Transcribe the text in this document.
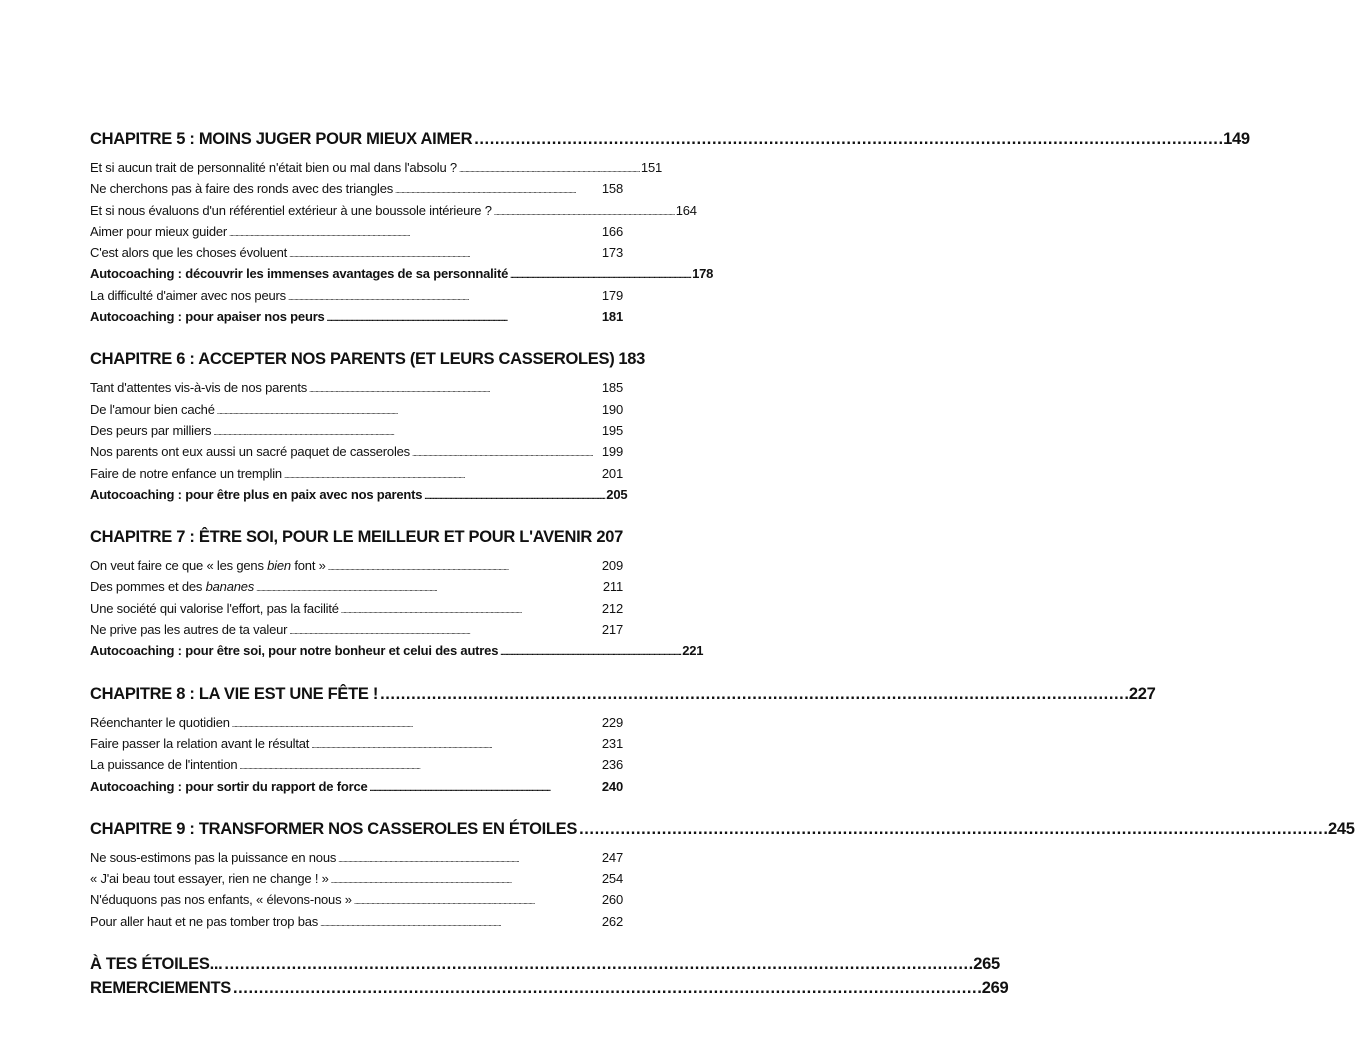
CHAPITRE 5 : MOINS JUGER POUR MIEUX AIMER . . .	149
Et si aucun trait de personnalité n'était bien ou mal dans l'absolu ? . . .	151
Ne cherchons pas à faire des ronds avec des triangles . . .	158
Et si nous évaluons d'un référentiel extérieur à une boussole intérieure ? . . .	164
Aimer pour mieux guider . . .	166
C'est alors que les choses évoluent . . .	173
Autocoaching : découvrir les immenses avantages de sa personnalité . . .	178
La difficulté d'aimer avec nos peurs . . .	179
Autocoaching : pour apaiser nos peurs . . .	181
CHAPITRE 6 : ACCEPTER NOS PARENTS (ET LEURS CASSEROLES) 183
Tant d'attentes vis-à-vis de nos parents . . .	185
De l'amour bien caché . . .	190
Des peurs par milliers . . .	195
Nos parents ont eux aussi un sacré paquet de casseroles . . .	199
Faire de notre enfance un tremplin . . .	201
Autocoaching : pour être plus en paix avec nos parents . . .	205
CHAPITRE 7 : ÊTRE SOI, POUR LE MEILLEUR ET POUR L'AVENIR . . . 207
On veut faire ce que « les gens bien font » . . .	209
Des pommes et des bananes . . .	211
Une société qui valorise l'effort, pas la facilité . . .	212
Ne prive pas les autres de ta valeur . . .	217
Autocoaching : pour être soi, pour notre bonheur et celui des autres . . .	221
CHAPITRE 8 : LA VIE EST UNE FÊTE ! . . .	227
Réenchanter le quotidien . . .	229
Faire passer la relation avant le résultat . . .	231
La puissance de l'intention . . .	236
Autocoaching : pour sortir du rapport de force . . .	240
CHAPITRE 9 : TRANSFORMER NOS CASSEROLES EN ÉTOILES . . .	245
Ne sous-estimons pas la puissance en nous . . .	247
« J'ai beau tout essayer, rien ne change ! » . . .	254
N'éduquons pas nos enfants, « élevons-nous » . . .	260
Pour aller haut et ne pas tomber trop bas . . .	262
À TES ÉTOILES... . . .	265
REMERCIEMENTS . . .	269
